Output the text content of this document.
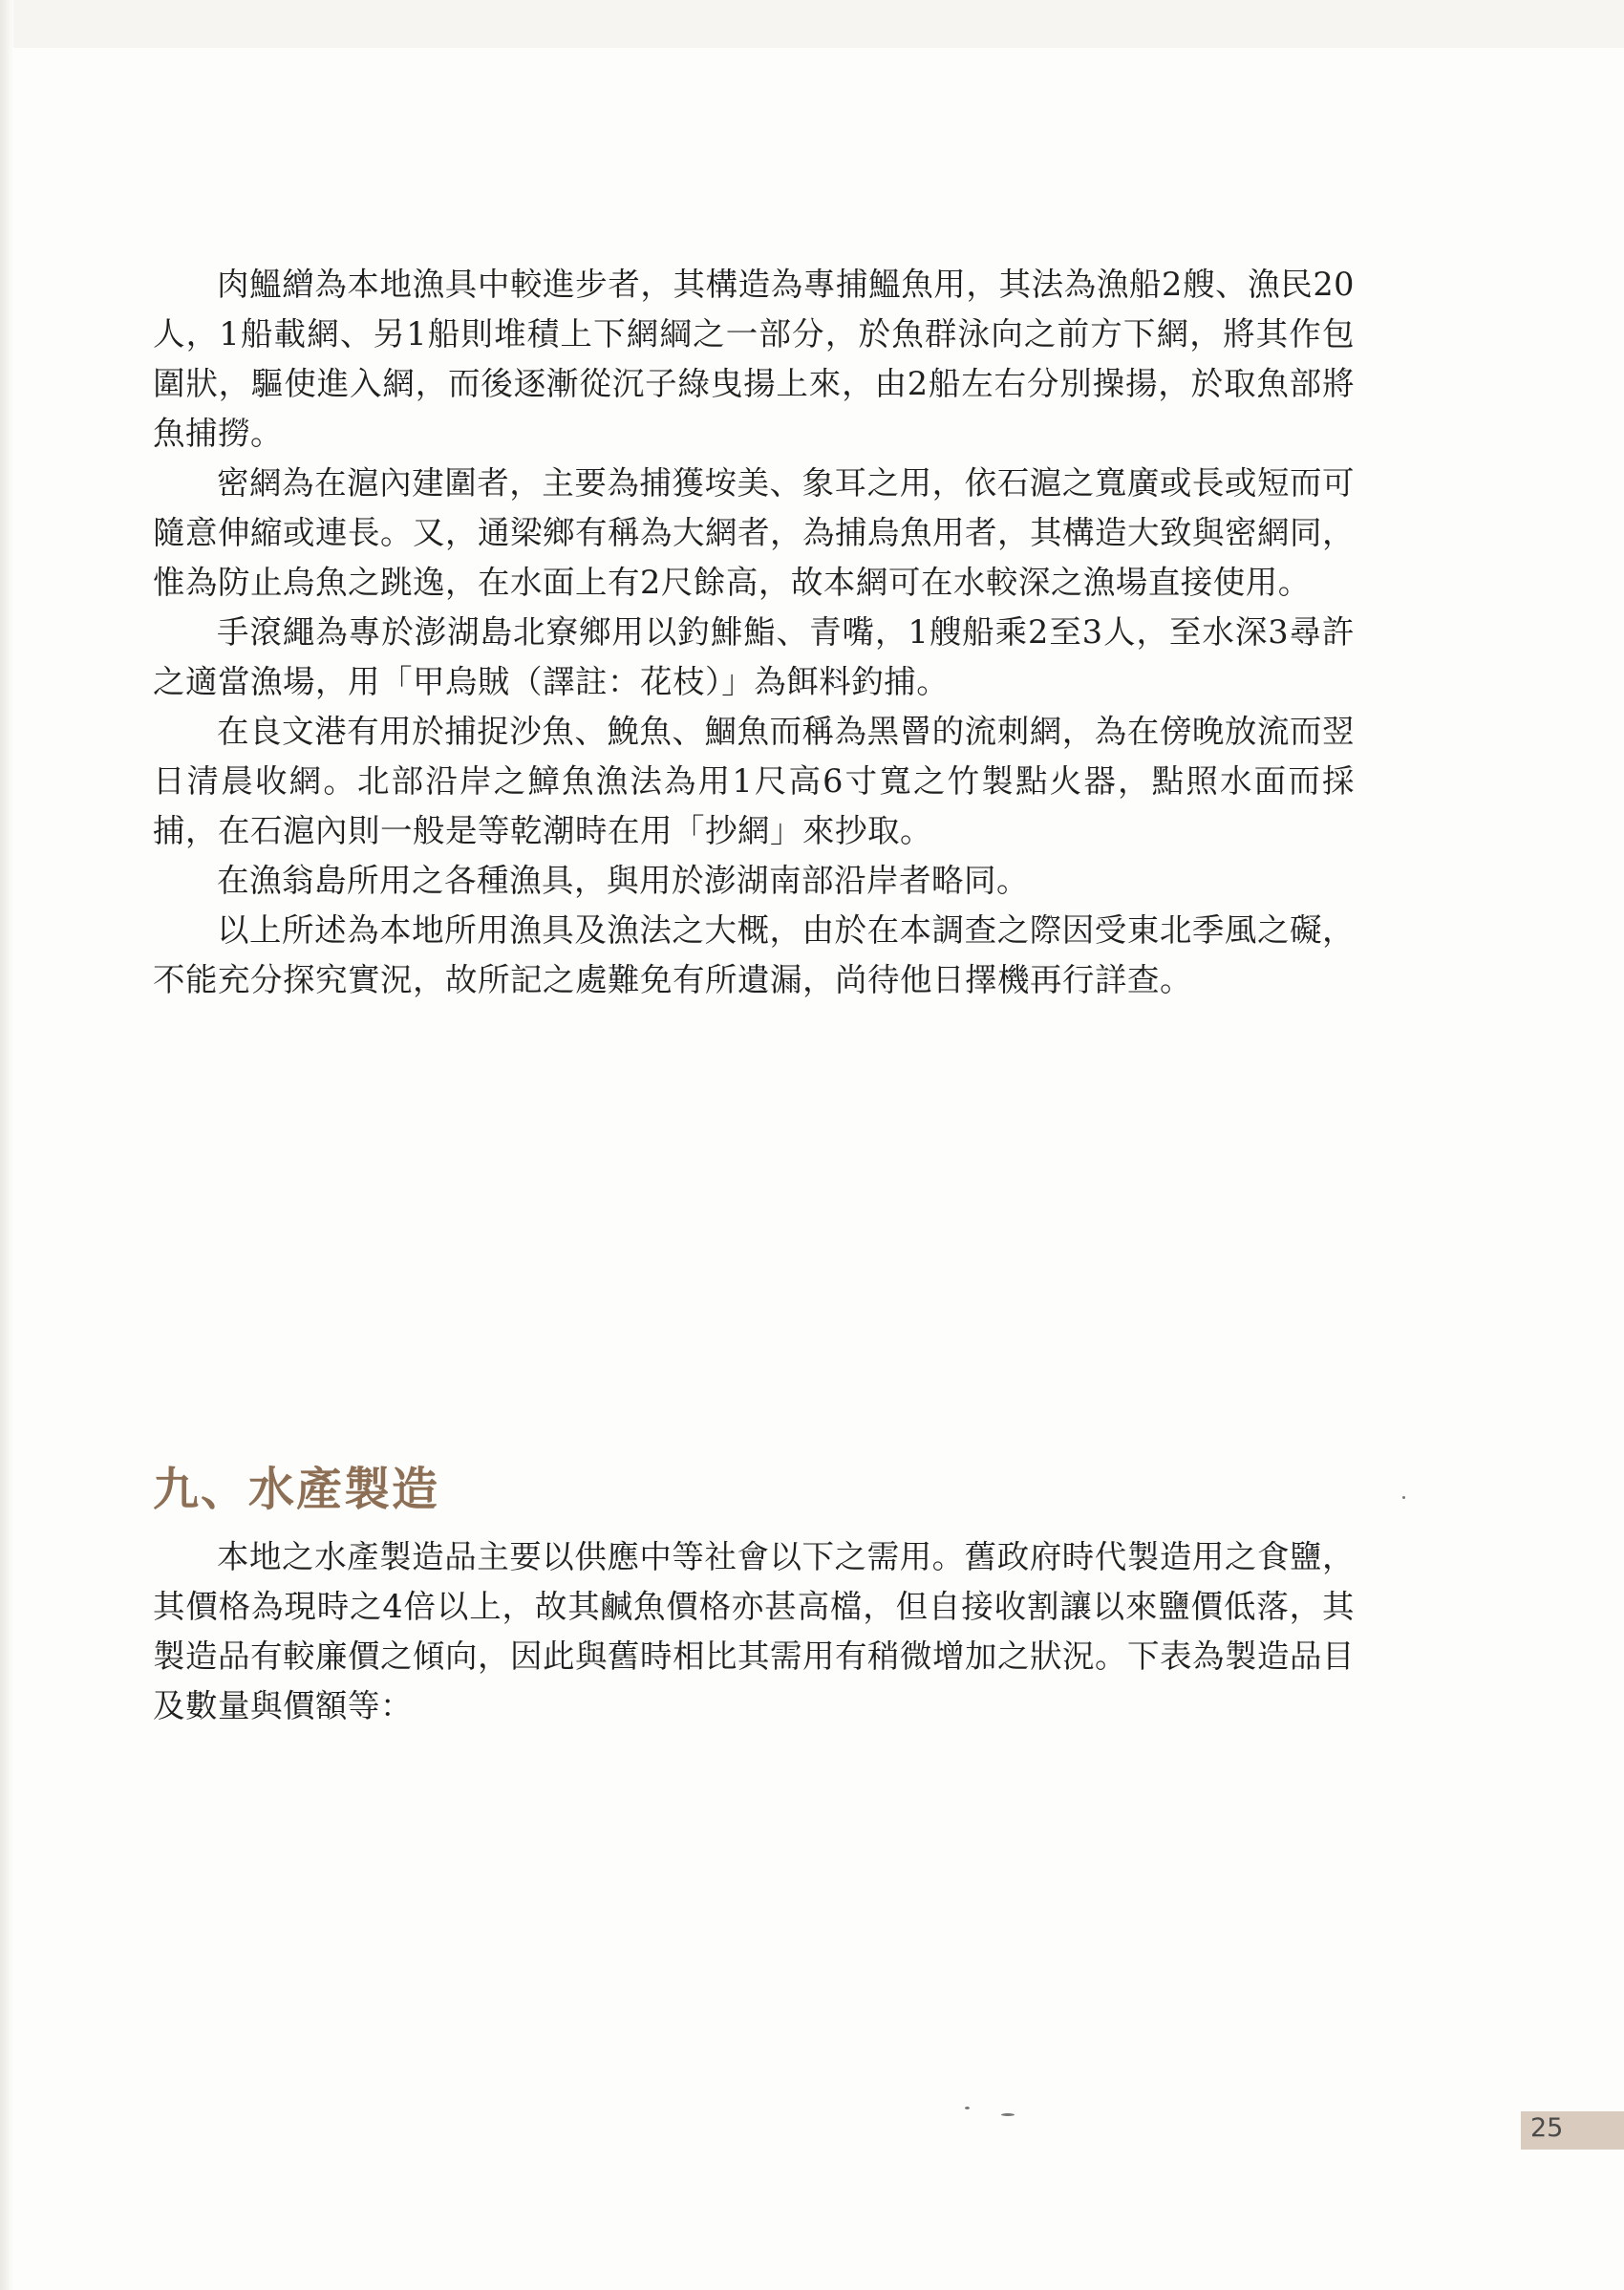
肉鰮繒為本地漁具中較進步者，其構造為專捕鰮魚用，其法為漁船2艘、漁民20人，1船載網、另1船則堆積上下網綱之一部分，於魚群泳向之前方下網，將其作包圍狀，驅使進入網，而後逐漸從沉子綠曳揚上來，由2船左右分別操揚，於取魚部將魚捕撈。

密網為在滬內建圍者，主要為捕獲垵美、象耳之用，依石滬之寬廣或長或短而可隨意伸縮或連長。又，通梁鄉有稱為大網者，為捕烏魚用者，其構造大致與密網同，惟為防止烏魚之跳逸，在水面上有2尺餘高，故本網可在水較深之漁場直接使用。

手滾繩為專於澎湖島北寮鄉用以釣鯡鮨、青嘴，1艘船乘2至3人，至水深3尋許之適當漁場，用「甲烏賊（譯註：花枝）」為餌料釣捕。

在良文港有用於捕捉沙魚、鮸魚、鯝魚而稱為黑罾的流刺網，為在傍晚放流而翌日清晨收網。北部沿岸之鱆魚漁法為用1尺高6寸寬之竹製點火器，點照水面而採捕，在石滬內則一般是等乾潮時在用「抄網」來抄取。

在漁翁島所用之各種漁具，與用於澎湖南部沿岸者略同。

以上所述為本地所用漁具及漁法之大概，由於在本調查之際因受東北季風之礙，不能充分探究實況，故所記之處難免有所遺漏，尚待他日擇機再行詳查。

九、水產製造

本地之水產製造品主要以供應中等社會以下之需用。舊政府時代製造用之食鹽，其價格為現時之4倍以上，故其鹹魚價格亦甚高檔，但自接收割讓以來鹽價低落，其製造品有較廉價之傾向，因此與舊時相比其需用有稍微增加之狀況。下表為製造品目及數量與價額等：

25
